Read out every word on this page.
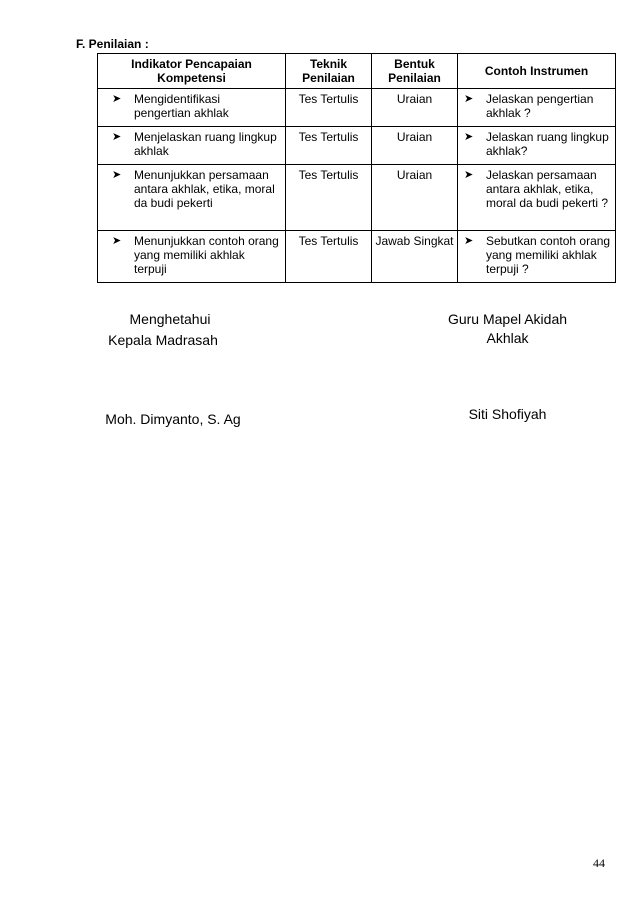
F. Penilaian :
Indikator Pencapaian Kompetensi	Teknik Penilaian	Bentuk Penilaian	Contoh Instrumen

➤ Mengidentifikasi pengertian akhlak	Tes Tertulis	Uraian	➤ Jelaskan pengertian akhlak ?

➤ Menjelaskan ruang lingkup akhlak	Tes Tertulis	Uraian	➤ Jelaskan ruang lingkup akhlak?

➤ Menunjukkan persamaan antara akhlak, etika, moral da budi pekerti	Tes Tertulis	Uraian	➤ Jelaskan persamaan antara akhlak, etika, moral da budi pekerti ?

➤ Menunjukkan contoh orang yang memiliki akhlak terpuji	Tes Tertulis	Jawab Singkat	➤ Sebutkan contoh orang yang memiliki akhlak terpuji ?
Menghetahui
Kepala Madrasah
Moh. Dimyanto, S. Ag
Guru Mapel Akidah Akhlak
Siti Shofiyah
44
